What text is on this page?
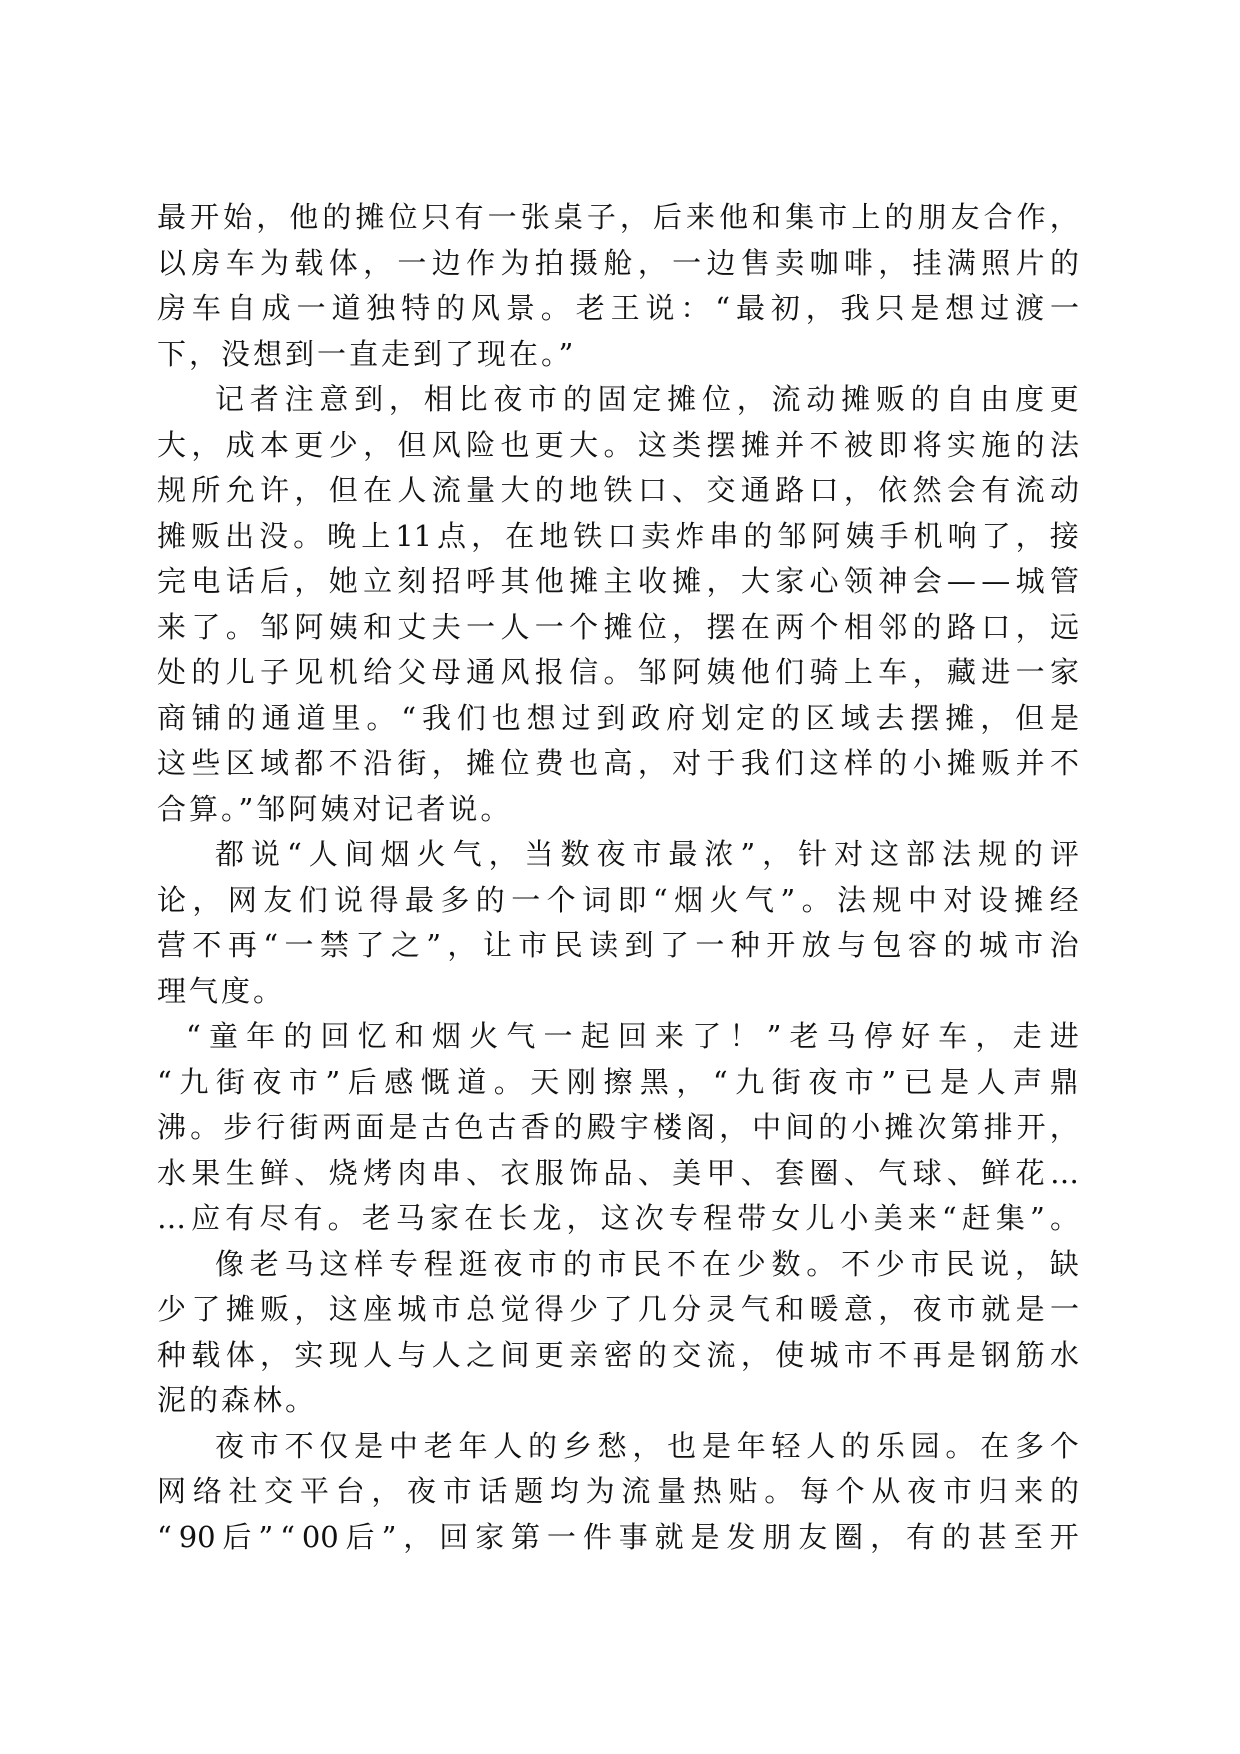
最 开 始 ， 他 的 摊 位 只 有 一 张 桌 子 ， 后 来 他 和 集 市 上 的 朋 友 合 作 ，
以 房 车 为 载 体 ， 一 边 作 为 拍 摄 舱 ， 一 边 售 卖 咖 啡 ， 挂 满 照 片 的
房 车 自 成 一 道 独 特 的 风 景 。 老 王 说 ： “ 最 初 ， 我 只 是 想 过 渡 一
下，没想到一直走到了现在。”
记 者 注 意 到 ， 相 比 夜 市 的 固 定 摊 位 ， 流 动 摊 贩 的 自 由 度 更
大 ， 成 本 更 少 ， 但 风 险 也 更 大 。 这 类 摆 摊 并 不 被 即 将 实 施 的 法
规 所 允 许 ， 但 在 人 流 量 大 的 地 铁 口 、 交 通 路 口 ， 依 然 会 有 流 动
摊 贩 出 没 。 晚 上 11 点 ， 在 地 铁 口 卖 炸 串 的 邹 阿 姨 手 机 响 了 ， 接
完 电 话 后 ， 她 立 刻 招 呼 其 他 摊 主 收 摊 ， 大 家 心 领 神 会 — — 城 管
来 了 。 邹 阿 姨 和 丈 夫 一 人 一 个 摊 位 ， 摆 在 两 个 相 邻 的 路 口 ， 远
处 的 儿 子 见 机 给 父 母 通 风 报 信 。 邹 阿 姨 他 们 骑 上 车 ， 藏 进 一 家
商 铺 的 通 道 里 。 “ 我 们 也 想 过 到 政 府 划 定 的 区 域 去 摆 摊 ， 但 是
这 些 区 域 都 不 沿 街 ， 摊 位 费 也 高 ， 对 于 我 们 这 样 的 小 摊 贩 并 不
合算。”邹阿姨对记者说。
都 说 “ 人 间 烟 火 气 ， 当 数 夜 市 最 浓 ” ， 针 对 这 部 法 规 的 评
论 ， 网 友 们 说 得 最 多 的 一 个 词 即 “ 烟 火 气 ” 。 法 规 中 对 设 摊 经
营 不 再 “ 一 禁 了 之 ” ， 让 市 民 读 到 了 一 种 开 放 与 包 容 的 城 市 治
理气度。
“ 童 年 的 回 忆 和 烟 火 气 一 起 回 来 了 ！ ” 老 马 停 好 车 ， 走 进
“ 九 街 夜 市 ” 后 感 慨 道 。 天 刚 擦 黑 ， “ 九 街 夜 市 ” 已 是 人 声 鼎
沸 。 步 行 街 两 面 是 古 色 古 香 的 殿 宇 楼 阁 ， 中 间 的 小 摊 次 第 排 开 ，
水 果 生 鲜 、 烧 烤 肉 串 、 衣 服 饰 品 、 美 甲 、 套 圈 、 气 球 、 鲜 花 …
… 应 有 尽 有 。 老 马 家 在 长 龙 ， 这 次 专 程 带 女 儿 小 美 来 “ 赶 集 ” 。
像 老 马 这 样 专 程 逛 夜 市 的 市 民 不 在 少 数 。 不 少 市 民 说 ， 缺
少 了 摊 贩 ， 这 座 城 市 总 觉 得 少 了 几 分 灵 气 和 暖 意 ， 夜 市 就 是 一
种 载 体 ， 实 现 人 与 人 之 间 更 亲 密 的 交 流 ， 使 城 市 不 再 是 钢 筋 水
泥的森林。
夜 市 不 仅 是 中 老 年 人 的 乡 愁 ， 也 是 年 轻 人 的 乐 园 。 在 多 个
网 络 社 交 平 台 ， 夜 市 话 题 均 为 流 量 热 贴 。 每 个 从 夜 市 归 来 的
“ 90 后 ” “ 00 后 ” ， 回 家 第 一 件 事 就 是 发 朋 友 圈 ， 有 的 甚 至 开
